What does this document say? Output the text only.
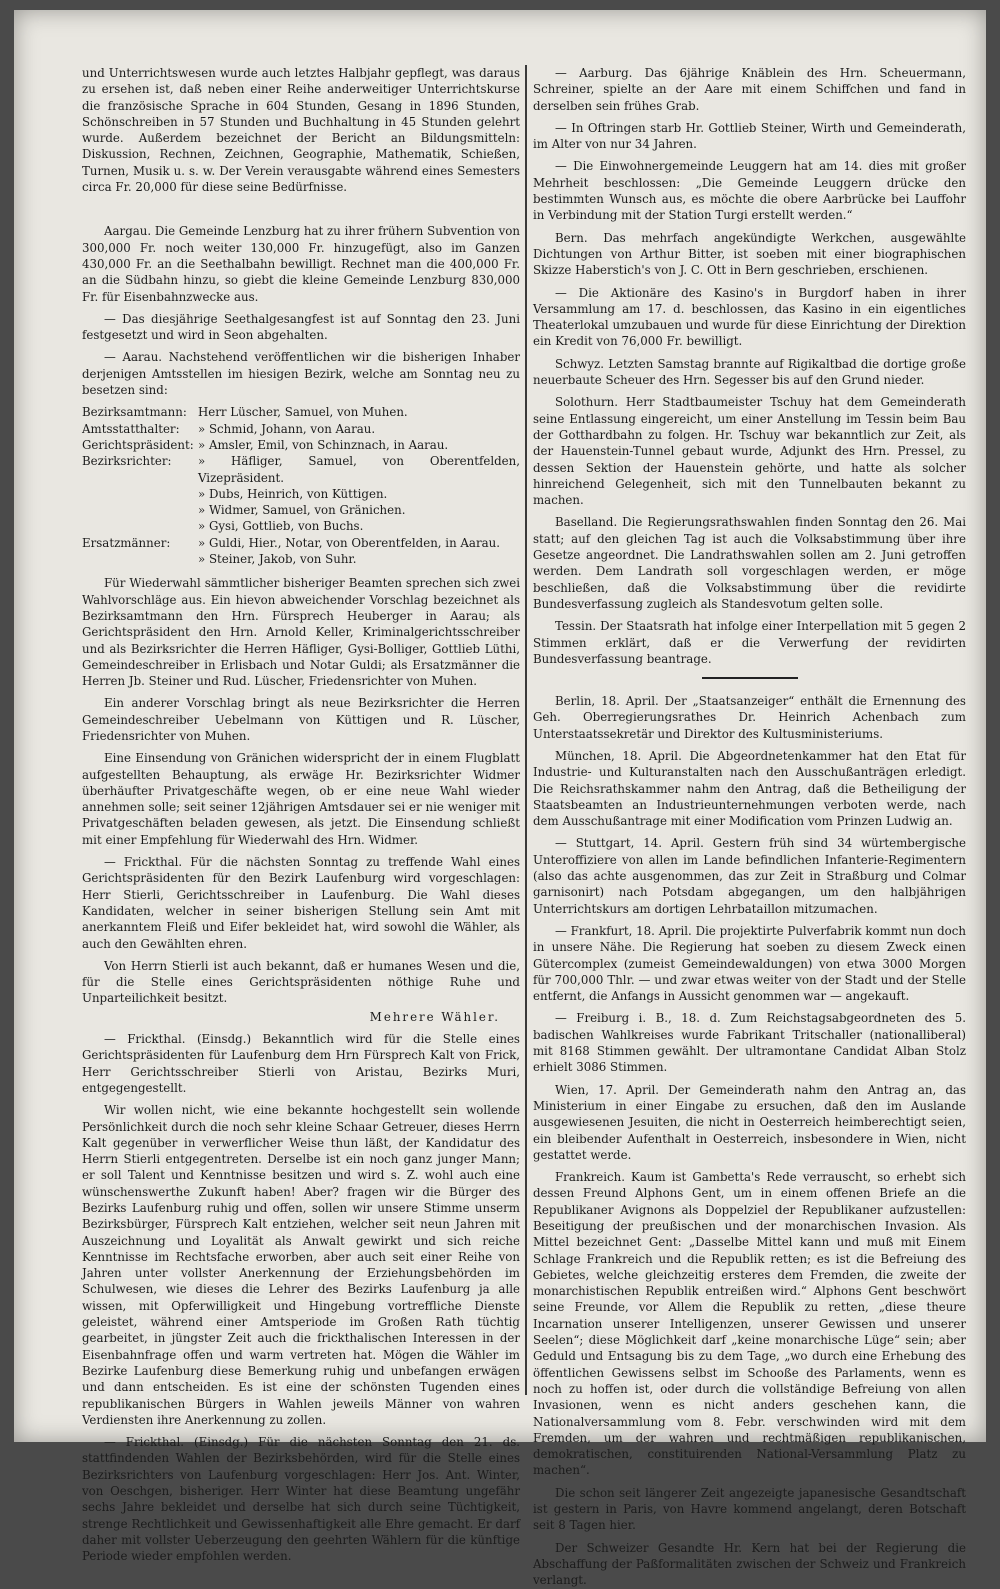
und Unterrichtswesen wurde auch letztes Halbjahr gepflegt, was daraus zu ersehen ist, daß neben einer Reihe anderweitiger Unterrichtskurse die französische Sprache in 604 Stunden, Gesang in 1896 Stunden, Schönschreiben in 57 Stunden und Buchhaltung in 45 Stunden gelehrt wurde. Außerdem bezeichnet der Bericht an Bildungsmitteln: Diskussion, Rechnen, Zeichnen, Geographie, Mathematik, Schießen, Turnen, Musik u. s. w. Der Verein verausgabte während eines Semesters circa Fr. 20,000 für diese seine Bedürfnisse.

Aargau. Die Gemeinde Lenzburg hat zu ihrer frühern Subvention von 300,000 Fr. noch weiter 130,000 Fr. hinzugefügt, also im Ganzen 430,000 Fr. an die Seethalbahn bewilligt. Rechnet man die 400,000 Fr. an die Südbahn hinzu, so giebt die kleine Gemeinde Lenzburg 830,000 Fr. für Eisenbahnzwecke aus.

— Das diesjährige Seethalgesangfest ist auf Sonntag den 23. Juni festgesetzt und wird in Seon abgehalten.

— Aarau. Nachstehend veröffentlichen wir die bisherigen Inhaber derjenigen Amtsstellen im hiesigen Bezirk, welche am Sonntag neu zu besetzen sind:

Bezirksamtmann: Herr Lüscher, Samuel, von Muhen.
Amtsstatthalter:	» Schmid, Johann, von Aarau.
Gerichtspräsident: » Amsler, Emil, von Schinznach, in Aarau.
Bezirksrichter:	» Häfliger, Samuel, von Oberentfelden, Vizepräsident.
» Dubs, Heinrich, von Küttigen.
» Widmer, Samuel, von Gränichen.
» Gysi, Gottlieb, von Buchs.
Ersatzmänner:	» Guldi, Hier., Notar, von Oberentfelden, in Aarau.
» Steiner, Jakob, von Suhr.

Für Wiederwahl sämmtlicher bisheriger Beamten sprechen sich zwei Wahlvorschläge aus. Ein hievon abweichender Vorschlag bezeichnet als Bezirksamtmann den Hrn. Fürsprech Heuberger in Aarau; als Gerichtspräsident den Hrn. Arnold Keller, Kriminalgerichtsschreiber und als Bezirksrichter die Herren Häfliger, Gysi-Bolliger, Gottlieb Lüthi, Gemeindeschreiber in Erlisbach und Notar Guldi; als Ersatzmänner die Herren Jb. Steiner und Rud. Lüscher, Friedensrichter von Muhen.

Ein anderer Vorschlag bringt als neue Bezirksrichter die Herren Gemeindeschreiber Uebelmann von Küttigen und R. Lüscher, Friedensrichter von Muhen.

Eine Einsendung von Gränichen widerspricht der in einem Flugblatt aufgestellten Behauptung, als erwäge Hr. Bezirksrichter Widmer überhäufter Privatgeschäfte wegen, ob er eine neue Wahl wieder annehmen solle; seit seiner 12jährigen Amtsdauer sei er nie weniger mit Privatgeschäften beladen gewesen, als jetzt. Die Einsendung schließt mit einer Empfehlung für Wiederwahl des Hrn. Widmer.

— Frickthal. Für die nächsten Sonntag zu treffende Wahl eines Gerichtspräsidenten für den Bezirk Laufenburg wird vorgeschlagen: Herr Stierli, Gerichtsschreiber in Laufenburg. Die Wahl dieses Kandidaten, welcher in seiner bisherigen Stellung sein Amt mit anerkanntem Fleiß und Eifer bekleidet hat, wird sowohl die Wähler, als auch den Gewählten ehren.

Von Herrn Stierli ist auch bekannt, daß er humanes Wesen und die, für die Stelle eines Gerichtspräsidenten nöthige Ruhe und Unparteilichkeit besitzt.

Mehrere Wähler.

— Frickthal. (Einsdg.) Bekanntlich wird für die Stelle eines Gerichtspräsidenten für Laufenburg dem Hrn Fürsprech Kalt von Frick, Herr Gerichtsschreiber Stierli von Aristau, Bezirks Muri, entgegengestellt.

Wir wollen nicht, wie eine bekannte hochgestellt sein wollende Persönlichkeit durch die noch sehr kleine Schaar Getreuer, dieses Herrn Kalt gegenüber in verwerflicher Weise thun läßt, der Kandidatur des Herrn Stierli entgegentreten. Derselbe ist ein noch ganz junger Mann; er soll Talent und Kenntnisse besitzen und wird s. Z. wohl auch eine wünschenswerthe Zukunft haben! Aber? fragen wir die Bürger des Bezirks Laufenburg ruhig und offen, sollen wir unsere Stimme unserm Bezirksbürger, Fürsprech Kalt entziehen, welcher seit neun Jahren mit Auszeichnung und Loyalität als Anwalt gewirkt und sich reiche Kenntnisse im Rechtsfache erworben, aber auch seit einer Reihe von Jahren unter vollster Anerkennung der Erziehungsbehörden im Schulwesen, wie dieses die Lehrer des Bezirks Laufenburg ja alle wissen, mit Opferwilligkeit und Hingebung vortreffliche Dienste geleistet, während einer Amtsperiode im Großen Rath tüchtig gearbeitet, in jüngster Zeit auch die frickthalischen Interessen in der Eisenbahnfrage offen und warm vertreten hat. Mögen die Wähler im Bezirke Laufenburg diese Bemerkung ruhig und unbefangen erwägen und dann entscheiden. Es ist eine der schönsten Tugenden eines republikanischen Bürgers in Wahlen jeweils Männer von wahren Verdiensten ihre Anerkennung zu zollen.

— Frickthal. (Einsdg.) Für die nächsten Sonntag den 21. ds. stattfindenden Wahlen der Bezirksbehörden, wird für die Stelle eines Bezirksrichters von Laufenburg vorgeschlagen: Herr Jos. Ant. Winter, von Oeschgen, bisheriger. Herr Winter hat diese Beamtung ungefähr sechs Jahre bekleidet und derselbe hat sich durch seine Tüchtigkeit, strenge Rechtlichkeit und Gewissenhaftigkeit alle Ehre gemacht. Er darf daher mit vollster Ueberzeugung den geehrten Wählern für die künftige Periode wieder empfohlen werden.

— Aarburg. Das 6jährige Knäblein des Hrn. Scheuermann, Schreiner, spielte an der Aare mit einem Schiffchen und fand in derselben sein frühes Grab.

— In Oftringen starb Hr. Gottlieb Steiner, Wirth und Gemeinderath, im Alter von nur 34 Jahren.

— Die Einwohnergemeinde Leuggern hat am 14. dies mit großer Mehrheit beschlossen: „Die Gemeinde Leuggern drücke den bestimmten Wunsch aus, es möchte die obere Aarbrücke bei Lauffohr in Verbindung mit der Station Turgi erstellt werden.“

Bern. Das mehrfach angekündigte Werkchen, ausgewählte Dichtungen von Arthur Bitter, ist soeben mit einer biographischen Skizze Haberstich's von J. C. Ott in Bern geschrieben, erschienen.

— Die Aktionäre des Kasino's in Burgdorf haben in ihrer Versammlung am 17. d. beschlossen, das Kasino in ein eigentliches Theaterlokal umzubauen und wurde für diese Einrichtung der Direktion ein Kredit von 76,000 Fr. bewilligt.

Schwyz. Letzten Samstag brannte auf Rigikaltbad die dortige große neuerbaute Scheuer des Hrn. Segesser bis auf den Grund nieder.

Solothurn. Herr Stadtbaumeister Tschuy hat dem Gemeinderath seine Entlassung eingereicht, um einer Anstellung im Tessin beim Bau der Gotthardbahn zu folgen. Hr. Tschuy war bekanntlich zur Zeit, als der Hauenstein-Tunnel gebaut wurde, Adjunkt des Hrn. Pressel, zu dessen Sektion der Hauenstein gehörte, und hatte als solcher hinreichend Gelegenheit, sich mit den Tunnelbauten bekannt zu machen.

Baselland. Die Regierungsrathswahlen finden Sonntag den 26. Mai statt; auf den gleichen Tag ist auch die Volksabstimmung über ihre Gesetze angeordnet. Die Landrathswahlen sollen am 2. Juni getroffen werden. Dem Landrath soll vorgeschlagen werden, er möge beschließen, daß die Volksabstimmung über die revidirte Bundesverfassung zugleich als Standesvotum gelten solle.

Tessin. Der Staatsrath hat infolge einer Interpellation mit 5 gegen 2 Stimmen erklärt, daß er die Verwerfung der revidirten Bundesverfassung beantrage.

Berlin, 18. April. Der „Staatsanzeiger“ enthält die Ernennung des Geh. Oberregierungsrathes Dr. Heinrich Achenbach zum Unterstaatssekretär und Direktor des Kultusministeriums.

München, 18. April. Die Abgeordnetenkammer hat den Etat für Industrie- und Kulturanstalten nach den Ausschußanträgen erledigt. Die Reichsrathskammer nahm den Antrag, daß die Betheiligung der Staatsbeamten an Industrieunternehmungen verboten werde, nach dem Ausschußantrage mit einer Modification vom Prinzen Ludwig an.

— Stuttgart, 14. April. Gestern früh sind 34 würtembergische Unteroffiziere von allen im Lande befindlichen Infanterie-Regimentern (also das achte ausgenommen, das zur Zeit in Straßburg und Colmar garnisonirt) nach Potsdam abgegangen, um den halbjährigen Unterrichtskurs am dortigen Lehrbataillon mitzumachen.

— Frankfurt, 18. April. Die projektirte Pulverfabrik kommt nun doch in unsere Nähe. Die Regierung hat soeben zu diesem Zweck einen Gütercomplex (zumeist Gemeindewaldungen) von etwa 3000 Morgen für 700,000 Thlr. — und zwar etwas weiter von der Stadt und der Stelle entfernt, die Anfangs in Aussicht genommen war — angekauft.

— Freiburg i. B., 18. d. Zum Reichstagsabgeordneten des 5. badischen Wahlkreises wurde Fabrikant Tritschaller (nationalliberal) mit 8168 Stimmen gewählt. Der ultramontane Candidat Alban Stolz erhielt 3086 Stimmen.

Wien, 17. April. Der Gemeinderath nahm den Antrag an, das Ministerium in einer Eingabe zu ersuchen, daß den im Auslande ausgewiesenen Jesuiten, die nicht in Oesterreich heimberechtigt seien, ein bleibender Aufenthalt in Oesterreich, insbesondere in Wien, nicht gestattet werde.

Frankreich. Kaum ist Gambetta's Rede verrauscht, so erhebt sich dessen Freund Alphons Gent, um in einem offenen Briefe an die Republikaner Avignons als Doppelziel der Republikaner aufzustellen: Beseitigung der preußischen und der monarchischen Invasion. Als Mittel bezeichnet Gent: „Dasselbe Mittel kann und muß mit Einem Schlage Frankreich und die Republik retten; es ist die Befreiung des Gebietes, welche gleichzeitig ersteres dem Fremden, die zweite der monarchistischen Republik entreißen wird.“ Alphons Gent beschwört seine Freunde, vor Allem die Republik zu retten, „diese theure Incarnation unserer Intelligenzen, unserer Gewissen und unserer Seelen“; diese Möglichkeit darf „keine monarchische Lüge“ sein; aber Geduld und Entsagung bis zu dem Tage, „wo durch eine Erhebung des öffentlichen Gewissens selbst im Schooße des Parlaments, wenn es noch zu hoffen ist, oder durch die vollständige Befreiung von allen Invasionen, wenn es nicht anders geschehen kann, die Nationalversammlung vom 8. Febr. verschwinden wird mit dem Fremden, um der wahren und rechtmäßigen republikanischen, demokratischen, constituirenden National-Versammlung Platz zu machen“.

Die schon seit längerer Zeit angezeigte japanesische Gesandtschaft ist gestern in Paris, von Havre kommend angelangt, deren Botschaft seit 8 Tagen hier.

Der Schweizer Gesandte Hr. Kern hat bei der Regierung die Abschaffung der Paßformalitäten zwischen der Schweiz und Frankreich verlangt.
